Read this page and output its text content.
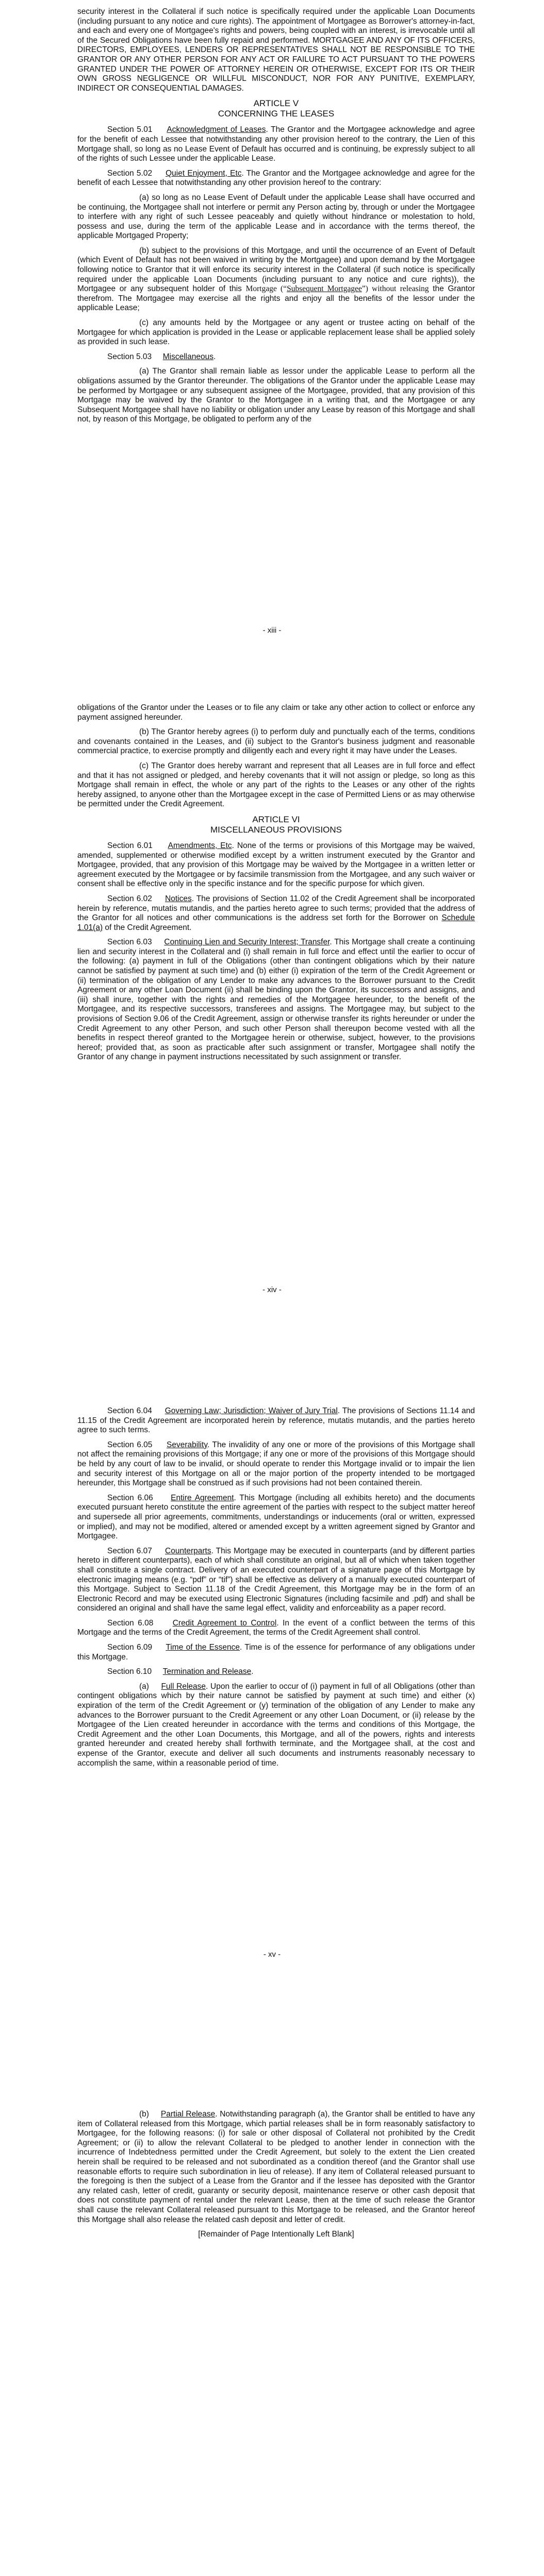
security interest in the Collateral if such notice is specifically required under the applicable Loan Documents (including pursuant to any notice and cure rights). The appointment of Mortgagee as Borrower's attorney-in-fact, and each and every one of Mortgagee's rights and powers, being coupled with an interest, is irrevocable until all of the Secured Obligations have been fully repaid and performed. MORTGAGEE AND ANY OF ITS OFFICERS, DIRECTORS, EMPLOYEES, LENDERS OR REPRESENTATIVES SHALL NOT BE RESPONSIBLE TO THE GRANTOR OR ANY OTHER PERSON FOR ANY ACT OR FAILURE TO ACT PURSUANT TO THE POWERS GRANTED UNDER THE POWER OF ATTORNEY HEREIN OR OTHERWISE, EXCEPT FOR ITS OR THEIR OWN GROSS NEGLIGENCE OR WILLFUL MISCONDUCT, NOR FOR ANY PUNITIVE, EXEMPLARY, INDIRECT OR CONSEQUENTIAL DAMAGES.

ARTICLE V
CONCERNING THE LEASES

Section 5.01 Acknowledgment of Leases. The Grantor and the Mortgagee acknowledge and agree for the benefit of each Lessee that notwithstanding any other provision hereof to the contrary, the Lien of this Mortgage shall, so long as no Lease Event of Default has occurred and is continuing, be expressly subject to all of the rights of such Lessee under the applicable Lease.

Section 5.02 Quiet Enjoyment, Etc. The Grantor and the Mortgagee acknowledge and agree for the benefit of each Lessee that notwithstanding any other provision hereof to the contrary:

(a) so long as no Lease Event of Default under the applicable Lease shall have occurred and be continuing, the Mortgagee shall not interfere or permit any Person acting by, through or under the Mortgagee to interfere with any right of such Lessee peaceably and quietly without hindrance or molestation to hold, possess and use, during the term of the applicable Lease and in accordance with the terms thereof, the applicable Mortgaged Property;

(b) subject to the provisions of this Mortgage, and until the occurrence of an Event of Default (which Event of Default has not been waived in writing by the Mortgagee) and upon demand by the Mortgagee following notice to Grantor that it will enforce its security interest in the Collateral (if such notice is specifically required under the applicable Loan Documents (including pursuant to any notice and cure rights)), the Mortgagee or any subsequent holder of this Mortgage (“Subsequent Mortgagee”) without releasing the Grantor therefrom. The Mortgagee may exercise all the rights and enjoy all the benefits of the lessor under the applicable Lease;

(c) any amounts held by the Mortgagee or any agent or trustee acting on behalf of the Mortgagee for which application is provided in the Lease or applicable replacement lease shall be applied solely as provided in such lease.

Section 5.03 Miscellaneous.

(a) The Grantor shall remain liable as lessor under the applicable Lease to perform all the obligations assumed by the Grantor thereunder. The obligations of the Grantor under the applicable Lease may be performed by Mortgagee or any subsequent assignee of the Mortgagee, provided, that any provision of this Mortgage may be waived by the Grantor to the Mortgagee in a writing that, and the Mortgagee or any Subsequent Mortgagee shall have no liability or obligation under any Lease by reason of this Mortgage and shall not, by reason of this Mortgage, be obligated to perform any of the

- xiii -

obligations of the Grantor under the Leases or to file any claim or take any other action to collect or enforce any payment assigned hereunder.

(b) The Grantor hereby agrees (i) to perform duly and punctually each of the terms, conditions and covenants contained in the Leases, and (ii) subject to the Grantor's business judgment and reasonable commercial practice, to exercise promptly and diligently each and every right it may have under the Leases.

(c) The Grantor does hereby warrant and represent that all Leases are in full force and effect and that it has not assigned or pledged, and hereby covenants that it will not assign or pledge, so long as this Mortgage shall remain in effect, the whole or any part of the rights to the Leases or any other of the rights hereby assigned, to anyone other than the Mortgagee except in the case of Permitted Liens or as may otherwise be permitted under the Credit Agreement.

ARTICLE VI
MISCELLANEOUS PROVISIONS

Section 6.01 Amendments, Etc. None of the terms or provisions of this Mortgage may be waived, amended, supplemented or otherwise modified except by a written instrument executed by the Grantor and Mortgagee, provided, that any provision of this Mortgage may be waived by the Mortgagee in a written letter or agreement executed by the Mortgagee or by facsimile transmission from the Mortgagee, and any such waiver or consent shall be effective only in the specific instance and for the specific purpose for which given.

Section 6.02 Notices. The provisions of Section 11.02 of the Credit Agreement shall be incorporated herein by reference, mutatis mutandis, and the parties hereto agree to such terms; provided that the address of the Grantor for all notices and other communications is the address set forth for the Borrower on Schedule 1.01(a) of the Credit Agreement.

Section 6.03 Continuing Lien and Security Interest; Transfer. This Mortgage shall create a continuing lien and security interest in the Collateral and (i) shall remain in full force and effect until the earlier to occur of the following: (a) payment in full of the Obligations (other than contingent obligations which by their nature cannot be satisfied by payment at such time) and (b) either (i) expiration of the term of the Credit Agreement or (ii) termination of the obligation of any Lender to make any advances to the Borrower pursuant to the Credit Agreement or any other Loan Document (ii) shall be binding upon the Grantor, its successors and assigns, and (iii) shall inure, together with the rights and remedies of the Mortgagee hereunder, to the benefit of the Mortgagee, and its respective successors, transferees and assigns. The Mortgagee may, but subject to the provisions of Section 9.06 of the Credit Agreement, assign or otherwise transfer its rights hereunder or under the Credit Agreement to any other Person, and such other Person shall thereupon become vested with all the benefits in respect thereof granted to the Mortgagee herein or otherwise, subject, however, to the provisions hereof; provided that, as soon as practicable after such assignment or transfer, Mortgagee shall notify the Grantor of any change in payment instructions necessitated by such assignment or transfer.

- xiv -

Section 6.04 Governing Law; Jurisdiction; Waiver of Jury Trial. The provisions of Sections 11.14 and 11.15 of the Credit Agreement are incorporated herein by reference, mutatis mutandis, and the parties hereto agree to such terms.

Section 6.05 Severability. The invalidity of any one or more of the provisions of this Mortgage shall not affect the remaining provisions of this Mortgage; if any one or more of the provisions of this Mortgage should be held by any court of law to be invalid, or should operate to render this Mortgage invalid or to impair the lien and security interest of this Mortgage on all or the major portion of the property intended to be mortgaged hereunder, this Mortgage shall be construed as if such provisions had not been contained therein.

Section 6.06 Entire Agreement. This Mortgage (including all exhibits hereto) and the documents executed pursuant hereto constitute the entire agreement of the parties with respect to the subject matter hereof and supersede all prior agreements, commitments, understandings or inducements (oral or written, expressed or implied), and may not be modified, altered or amended except by a written agreement signed by Grantor and Mortgagee.

Section 6.07 Counterparts. This Mortgage may be executed in counterparts (and by different parties hereto in different counterparts), each of which shall constitute an original, but all of which when taken together shall constitute a single contract. Delivery of an executed counterpart of a signature page of this Mortgage by electronic imaging means (e.g. “pdf” or “tif”) shall be effective as delivery of a manually executed counterpart of this Mortgage. Subject to Section 11.18 of the Credit Agreement, this Mortgage may be in the form of an Electronic Record and may be executed using Electronic Signatures (including facsimile and .pdf) and shall be considered an original and shall have the same legal effect, validity and enforceability as a paper record.

Section 6.08 Credit Agreement to Control. In the event of a conflict between the terms of this Mortgage and the terms of the Credit Agreement, the terms of the Credit Agreement shall control.

Section 6.09 Time of the Essence. Time is of the essence for performance of any obligations under this Mortgage.

Section 6.10 Termination and Release.

(a) Full Release. Upon the earlier to occur of (i) payment in full of all Obligations (other than contingent obligations which by their nature cannot be satisfied by payment at such time) and either (x) expiration of the term of the Credit Agreement or (y) termination of the obligation of any Lender to make any advances to the Borrower pursuant to the Credit Agreement or any other Loan Document, or (ii) release by the Mortgagee of the Lien created hereunder in accordance with the terms and conditions of this Mortgage, the Credit Agreement and the other Loan Documents, this Mortgage, and all of the powers, rights and interests granted hereunder and created hereby shall forthwith terminate, and the Mortgagee shall, at the cost and expense of the Grantor, execute and deliver all such documents and instruments reasonably necessary to accomplish the same, within a reasonable period of time.

- xv -

(b) Partial Release. Notwithstanding paragraph (a), the Grantor shall be entitled to have any item of Collateral released from this Mortgage, which partial releases shall be in form reasonably satisfactory to Mortgagee, for the following reasons: (i) for sale or other disposal of Collateral not prohibited by the Credit Agreement; or (ii) to allow the relevant Collateral to be pledged to another lender in connection with the incurrence of Indebtedness permitted under the Credit Agreement, but solely to the extent the Lien created herein shall be required to be released and not subordinated as a condition thereof (and the Grantor shall use reasonable efforts to require such subordination in lieu of release). If any item of Collateral released pursuant to the foregoing is then the subject of a Lease from the Grantor and if the lessee has deposited with the Grantor any related cash, letter of credit, guaranty or security deposit, maintenance reserve or other cash deposit that does not constitute payment of rental under the relevant Lease, then at the time of such release the Grantor shall cause the relevant Collateral released pursuant to this Mortgage to be released, and the Grantor hereof this Mortgage shall also release the related cash deposit and letter of credit.

[Remainder of Page Intentionally Left Blank]
